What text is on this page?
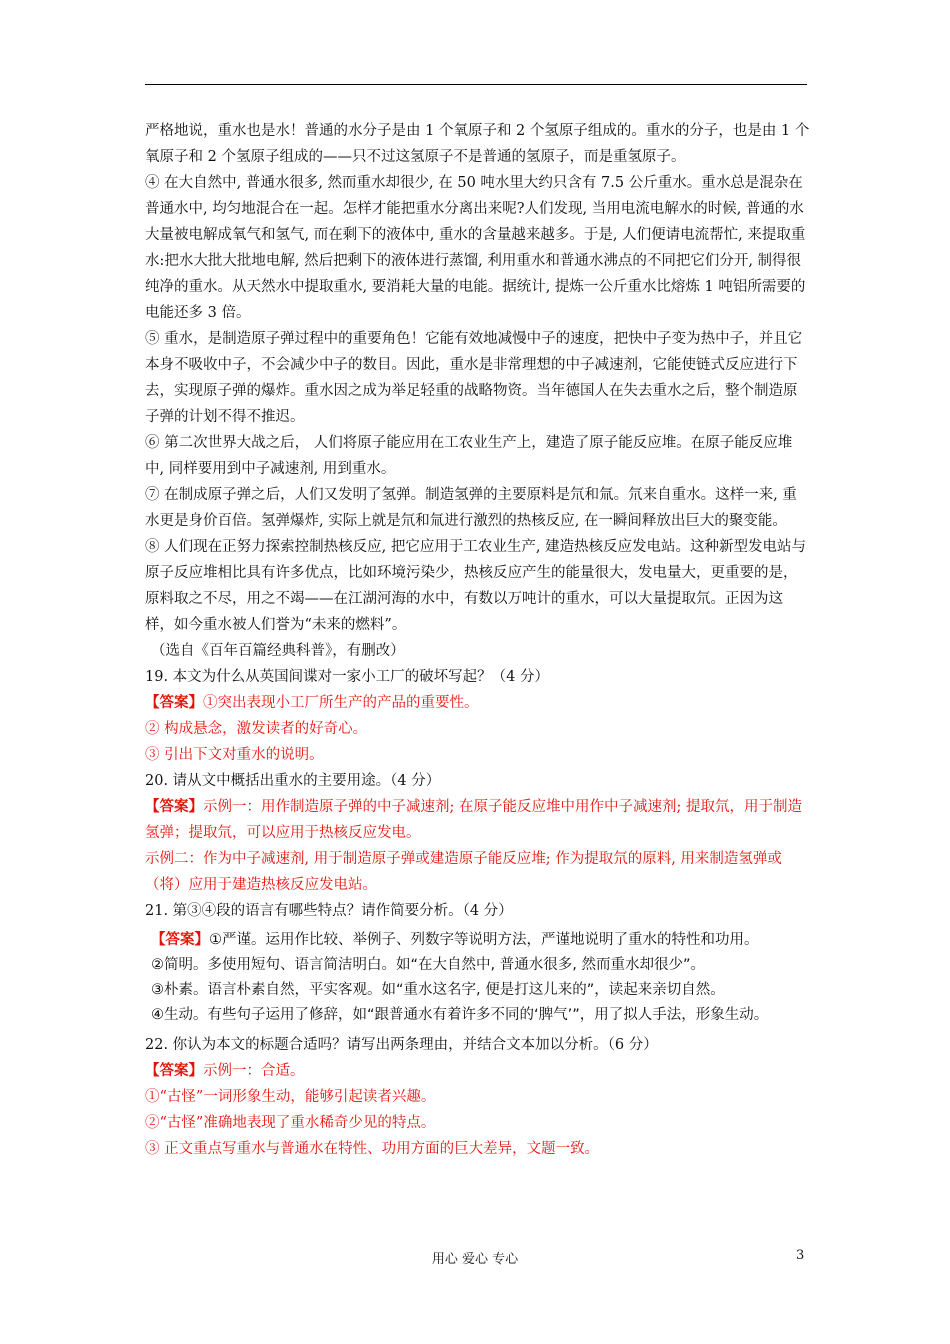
严格地说，重水也是水！普通的水分子是由 1 个氧原子和 2 个氢原子组成的。重水的分子，也是由 1 个氧原子和 2 个氢原子组成的——只不过这氢原子不是普通的氢原子，而是重氢原子。

④ 在大自然中, 普通水很多, 然而重水却很少, 在 50 吨水里大约只含有 7.5 公斤重水。重水总是混杂在普通水中, 均匀地混合在一起。怎样才能把重水分离出来呢?人们发现, 当用电流电解水的时候, 普通的水大量被电解成氧气和氢气, 而在剩下的液体中, 重水的含量越来越多。于是, 人们便请电流帮忙, 来提取重水:把水大批大批地电解, 然后把剩下的液体进行蒸馏, 利用重水和普通水沸点的不同把它们分开, 制得很纯净的重水。从天然水中提取重水, 要消耗大量的电能。据统计, 提炼一公斤重水比熔炼 1 吨铝所需要的电能还多 3 倍。

⑤ 重水，是制造原子弹过程中的重要角色！它能有效地减慢中子的速度，把快中子变为热中子，并且它本身不吸收中子，不会减少中子的数目。因此，重水是非常理想的中子减速剂，它能使链式反应进行下去，实现原子弹的爆炸。重水因之成为举足轻重的战略物资。当年德国人在失去重水之后，整个制造原子弹的计划不得不推迟。

⑥ 第二次世界大战之后， 人们将原子能应用在工农业生产上，建造了原子能反应堆。在原子能反应堆中, 同样要用到中子减速剂, 用到重水。

⑦ 在制成原子弹之后，人们又发明了氢弹。制造氢弹的主要原料是氘和氚。氘来自重水。这样一来, 重水更是身价百倍。氢弹爆炸, 实际上就是氘和氚进行激烈的热核反应, 在一瞬间释放出巨大的聚变能。

⑧ 人们现在正努力探索控制热核反应, 把它应用于工农业生产, 建造热核反应发电站。这种新型发电站与原子反应堆相比具有许多优点，比如环境污染少，热核反应产生的能量很大，发电量大，更重要的是，原料取之不尽，用之不竭——在江湖河海的水中，有数以万吨计的重水，可以大量提取氘。正因为这样，如今重水被人们誉为“未来的燃料”。

（选自《百年百篇经典科普》，有删改）

19. 本文为什么从英国间谍对一家小工厂的破坏写起？（4 分）

【答案】①突出表现小工厂所生产的产品的重要性。

② 构成悬念，激发读者的好奇心。

③ 引出下文对重水的说明。

20. 请从文中概括出重水的主要用途。（4 分）

【答案】示例一：用作制造原子弹的中子减速剂; 在原子能反应堆中用作中子减速剂; 提取氘，用于制造氢弹；提取氘，可以应用于热核反应发电。

示例二：作为中子减速剂, 用于制造原子弹或建造原子能反应堆; 作为提取氘的原料, 用来制造氢弹或（将）应用于建造热核反应发电站。

21. 第③④段的语言有哪些特点？请作简要分析。（4 分）

【答案】①严谨。运用作比较、举例子、列数字等说明方法，严谨地说明了重水的特性和功用。

②简明。多使用短句、语言简洁明白。如“在大自然中, 普通水很多, 然而重水却很少”。

③朴素。语言朴素自然，平实客观。如“重水这名字, 便是打这儿来的”，读起来亲切自然。

④生动。有些句子运用了修辞，如“跟普通水有着许多不同的‘脾气’”，用了拟人手法，形象生动。

22. 你认为本文的标题合适吗？请写出两条理由，并结合文本加以分析。（6 分）

【答案】示例一：合适。

①“古怪”一词形象生动，能够引起读者兴趣。

②“古怪”准确地表现了重水稀奇少见的特点。

③ 正文重点写重水与普通水在特性、功用方面的巨大差异，文题一致。

用心 爱心 专心	3
